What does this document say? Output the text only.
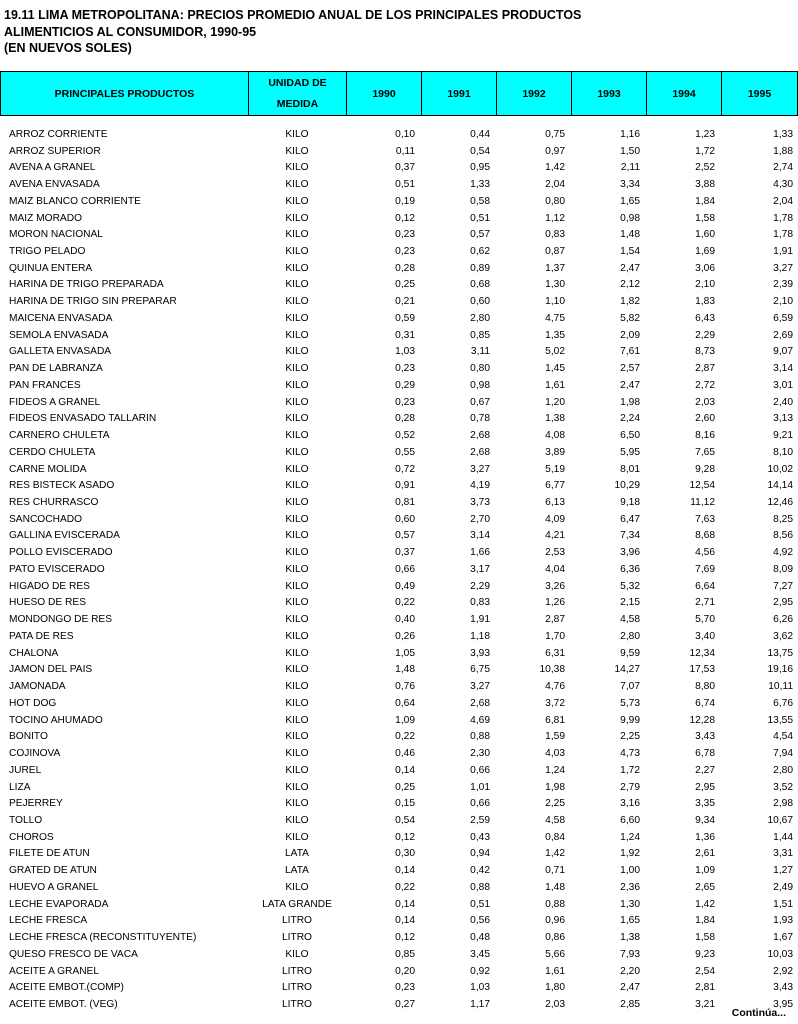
19.11 LIMA METROPOLITANA: PRECIOS PROMEDIO ANUAL DE LOS PRINCIPALES PRODUCTOS
ALIMENTICIOS AL CONSUMIDOR, 1990-95
(EN NUEVOS SOLES)
PRINCIPALES PRODUCTOS	
UNIDAD DE
MEDIDA
	1990	1991	1992	1993	1994	1995
ARROZ CORRIENTE	KILO	0,10	0,44	0,75	1,16	1,23	1,33
ARROZ SUPERIOR	KILO	0,11	0,54	0,97	1,50	1,72	1,88
AVENA A GRANEL	KILO	0,37	0,95	1,42	2,11	2,52	2,74
AVENA ENVASADA	KILO	0,51	1,33	2,04	3,34	3,88	4,30
MAIZ BLANCO CORRIENTE	KILO	0,19	0,58	0,80	1,65	1,84	2,04
MAIZ MORADO	KILO	0,12	0,51	1,12	0,98	1,58	1,78
MORON NACIONAL	KILO	0,23	0,57	0,83	1,48	1,60	1,78
TRIGO PELADO	KILO	0,23	0,62	0,87	1,54	1,69	1,91
QUINUA ENTERA	KILO	0,28	0,89	1,37	2,47	3,06	3,27
HARINA DE TRIGO PREPARADA	KILO	0,25	0,68	1,30	2,12	2,10	2,39
HARINA DE TRIGO SIN PREPARAR	KILO	0,21	0,60	1,10	1,82	1,83	2,10
MAICENA ENVASADA	KILO	0,59	2,80	4,75	5,82	6,43	6,59
SEMOLA ENVASADA	KILO	0,31	0,85	1,35	2,09	2,29	2,69
GALLETA ENVASADA	KILO	1,03	3,11	5,02	7,61	8,73	9,07
PAN DE LABRANZA	KILO	0,23	0,80	1,45	2,57	2,87	3,14
PAN FRANCES	KILO	0,29	0,98	1,61	2,47	2,72	3,01
FIDEOS A GRANEL	KILO	0,23	0,67	1,20	1,98	2,03	2,40
FIDEOS ENVASADO TALLARIN	KILO	0,28	0,78	1,38	2,24	2,60	3,13
CARNERO CHULETA	KILO	0,52	2,68	4,08	6,50	8,16	9,21
CERDO CHULETA	KILO	0,55	2,68	3,89	5,95	7,65	8,10
CARNE MOLIDA	KILO	0,72	3,27	5,19	8,01	9,28	10,02
RES BISTECK ASADO	KILO	0,91	4,19	6,77	10,29	12,54	14,14
RES CHURRASCO	KILO	0,81	3,73	6,13	9,18	11,12	12,46
SANCOCHADO	KILO	0,60	2,70	4,09	6,47	7,63	8,25
GALLINA EVISCERADA	KILO	0,57	3,14	4,21	7,34	8,68	8,56
POLLO EVISCERADO	KILO	0,37	1,66	2,53	3,96	4,56	4,92
PATO EVISCERADO	KILO	0,66	3,17	4,04	6,36	7,69	8,09
HIGADO DE RES	KILO	0,49	2,29	3,26	5,32	6,64	7,27
HUESO DE RES	KILO	0,22	0,83	1,26	2,15	2,71	2,95
MONDONGO DE RES	KILO	0,40	1,91	2,87	4,58	5,70	6,26
PATA DE RES	KILO	0,26	1,18	1,70	2,80	3,40	3,62
CHALONA	KILO	1,05	3,93	6,31	9,59	12,34	13,75
JAMON DEL PAIS	KILO	1,48	6,75	10,38	14,27	17,53	19,16
JAMONADA	KILO	0,76	3,27	4,76	7,07	8,80	10,11
HOT DOG	KILO	0,64	2,68	3,72	5,73	6,74	6,76
TOCINO AHUMADO	KILO	1,09	4,69	6,81	9,99	12,28	13,55
BONITO	KILO	0,22	0,88	1,59	2,25	3,43	4,54
COJINOVA	KILO	0,46	2,30	4,03	4,73	6,78	7,94
JUREL	KILO	0,14	0,66	1,24	1,72	2,27	2,80
LIZA	KILO	0,25	1,01	1,98	2,79	2,95	3,52
PEJERREY	KILO	0,15	0,66	2,25	3,16	3,35	2,98
TOLLO	KILO	0,54	2,59	4,58	6,60	9,34	10,67
CHOROS	KILO	0,12	0,43	0,84	1,24	1,36	1,44
FILETE DE ATUN	LATA	0,30	0,94	1,42	1,92	2,61	3,31
GRATED DE ATUN	LATA	0,14	0,42	0,71	1,00	1,09	1,27
HUEVO A GRANEL	KILO	0,22	0,88	1,48	2,36	2,65	2,49
LECHE EVAPORADA	LATA GRANDE	0,14	0,51	0,88	1,30	1,42	1,51
LECHE FRESCA	LITRO	0,14	0,56	0,96	1,65	1,84	1,93
LECHE FRESCA (RECONSTITUYENTE)	LITRO	0,12	0,48	0,86	1,38	1,58	1,67
QUESO FRESCO DE VACA	KILO	0,85	3,45	5,66	7,93	9,23	10,03
ACEITE A GRANEL	LITRO	0,20	0,92	1,61	2,20	2,54	2,92
ACEITE EMBOT.(COMP)	LITRO	0,23	1,03	1,80	2,47	2,81	3,43
ACEITE EMBOT. (VEG)	LITRO	0,27	1,17	2,03	2,85	3,21	3,95
Continúa...
